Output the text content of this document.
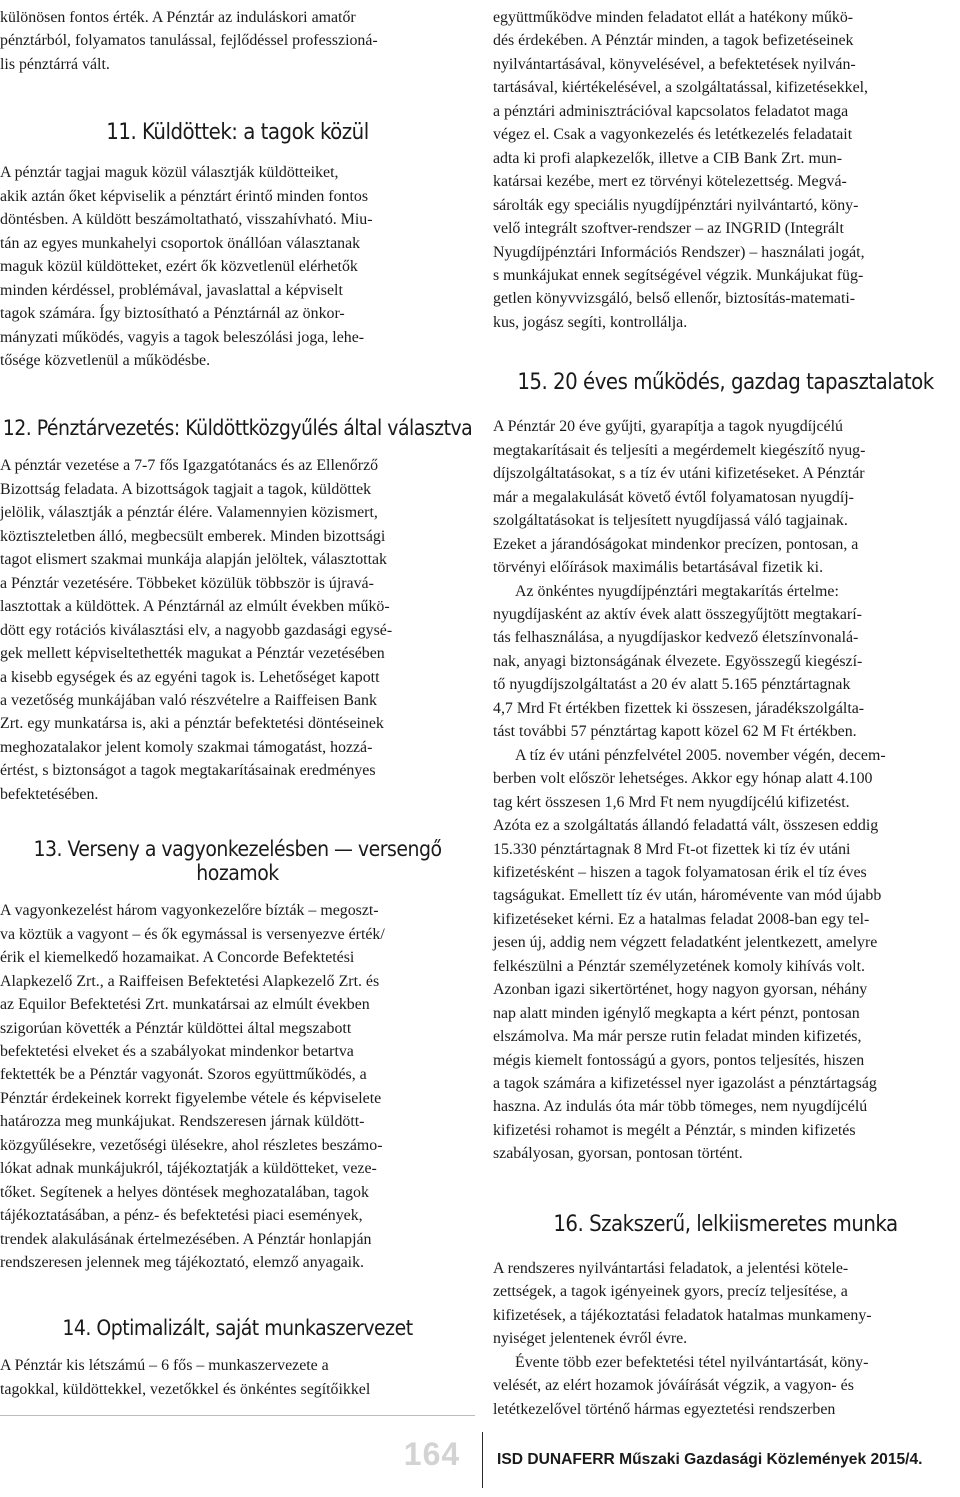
különösen fontos érték. A Pénztár az induláskori amatőr
pénztárból, folyamatos tanulással, fejlődéssel professzioná-
lis pénztárrá vált.

11. Küldöttek: a tagok közül

A pénztár tagjai maguk közül választják küldötteiket,
akik aztán őket képviselik a pénztárt érintő minden fontos
döntésben. A küldött beszámoltatható, visszahívható. Miu-
tán az egyes munkahelyi csoportok önállóan választanak
maguk közül küldötteket, ezért ők közvetlenül elérhetők
minden kérdéssel, problémával, javaslattal a képviselt
tagok számára. Így biztosítható a Pénztárnál az önkor-
mányzati működés, vagyis a tagok beleszólási joga, lehe-
tősége közvetlenül a működésbe.

12. Pénztárvezetés: Küldöttközgyűlés által választva

A pénztár vezetése a 7-7 fős Igazgatótanács és az Ellenőrző
Bizottság feladata. A bizottságok tagjait a tagok, küldöttek
jelölik, választják a pénztár élére. Valamennyien közismert,
köztiszteletben álló, megbecsült emberek. Minden bizottsági
tagot elismert szakmai munkája alapján jelöltek, választottak
a Pénztár vezetésére. Többeket közülük többször is újravá-
lasztottak a küldöttek. A Pénztárnál az elmúlt években műkö-
dött egy rotációs kiválasztási elv, a nagyobb gazdasági egysé-
gek mellett képviseltethették magukat a Pénztár vezetésében
a kisebb egységek és az egyéni tagok is. Lehetőséget kapott
a vezetőség munkájában való részvételre a Raiffeisen Bank
Zrt. egy munkatársa is, aki a pénztár befektetési döntéseinek
meghozatalakor jelent komoly szakmai támogatást, hozzá-
értést, s biztonságot a tagok megtakarításainak eredményes
befektetésében.

13. Verseny a vagyonkezelésben — versengő hozamok

A vagyonkezelést három vagyonkezelőre bízták – megoszt-
va köztük a vagyont – és ők egymással is versenyezve érték/
érik el kiemelkedő hozamaikat. A Concorde Befektetési
Alapkezelő Zrt., a Raiffeisen Befektetési Alapkezelő Zrt. és
az Equilor Befektetési Zrt. munkatársai az elmúlt években
szigorúan követték a Pénztár küldöttei által megszabott
befektetési elveket és a szabályokat mindenkor betartva
fektették be a Pénztár vagyonát. Szoros együttműködés, a
Pénztár érdekeinek korrekt figyelembe vétele és képviselete
határozza meg munkájukat. Rendszeresen járnak küldött-
közgyűlésekre, vezetőségi ülésekre, ahol részletes beszámo-
lókat adnak munkájukról, tájékoztatják a küldötteket, veze-
tőket. Segítenek a helyes döntések meghozatalában, tagok
tájékoztatásában, a pénz- és befektetési piaci események,
trendek alakulásának értelmezésében. A Pénztár honlapján
rendszeresen jelennek meg tájékoztató, elemző anyagaik.

14. Optimalizált, saját munkaszervezet

A Pénztár kis létszámú – 6 fős – munkaszervezete a
tagokkal, küldöttekkel, vezetőkkel és önkéntes segítőikkel

együttműködve minden feladatot ellát a hatékony műkö-
dés érdekében. A Pénztár minden, a tagok befizetéseinek
nyilvántartásával, könyvelésével, a befektetések nyilván-
tartásával, kiértékelésével, a szolgáltatással, kifizetésekkel,
a pénztári adminisztrációval kapcsolatos feladatot maga
végez el. Csak a vagyonkezelés és letétkezelés feladatait
adta ki profi alapkezelők, illetve a CIB Bank Zrt. mun-
katársai kezébe, mert ez törvényi kötelezettség. Megvá-
sárolták egy speciális nyugdíjpénztári nyilvántartó, köny-
velő integrált szoftver-rendszer – az INGRID (Integrált
Nyugdíjpénztári Információs Rendszer) – használati jogát,
s munkájukat ennek segítségével végzik. Munkájukat füg-
getlen könyvvizsgáló, belső ellenőr, biztosítás-matemati-
kus, jogász segíti, kontrollálja.

15. 20 éves működés, gazdag tapasztalatok

A Pénztár 20 éve gyűjti, gyarapítja a tagok nyugdíjcélú
megtakarításait és teljesíti a megérdemelt kiegészítő nyug-
díjszolgáltatásokat, s a tíz év utáni kifizetéseket. A Pénztár
már a megalakulását követő évtől folyamatosan nyugdíj-
szolgáltatásokat is teljesített nyugdíjassá váló tagjainak.
Ezeket a járandóságokat mindenkor precízen, pontosan, a
törvényi előírások maximális betartásával fizetik ki.

Az önkéntes nyugdíjpénztári megtakarítás értelme:
nyugdíjasként az aktív évek alatt összegyűjtött megtakarí-
tás felhasználása, a nyugdíjaskor kedvező életszínvonalá-
nak, anyagi biztonságának élvezete. Egyösszegű kiegészí-
tő nyugdíjszolgáltatást a 20 év alatt 5.165 pénztártagnak
4,7 Mrd Ft értékben fizettek ki összesen, járadékszolgálta-
tást további 57 pénztártag kapott közel 62 M Ft értékben.

A tíz év utáni pénzfelvétel 2005. november végén, decem-
berben volt először lehetséges. Akkor egy hónap alatt 4.100
tag kért összesen 1,6 Mrd Ft nem nyugdíjcélú kifizetést.
Azóta ez a szolgáltatás állandó feladattá vált, összesen eddig
15.330 pénztártagnak 8 Mrd Ft-ot fizettek ki tíz év utáni
kifizetésként – hiszen a tagok folyamatosan érik el tíz éves
tagságukat. Emellett tíz év után, háromévente van mód újabb
kifizetéseket kérni. Ez a hatalmas feladat 2008-ban egy tel-
jesen új, addig nem végzett feladatként jelentkezett, amelyre
felkészülni a Pénztár személyzetének komoly kihívás volt.
Azonban igazi sikertörténet, hogy nagyon gyorsan, néhány
nap alatt minden igénylő megkapta a kért pénzt, pontosan
elszámolva. Ma már persze rutin feladat minden kifizetés,
mégis kiemelt fontosságú a gyors, pontos teljesítés, hiszen
a tagok számára a kifizetéssel nyer igazolást a pénztártagság
haszna. Az indulás óta már több tömeges, nem nyugdíjcélú
kifizetési rohamot is megélt a Pénztár, s minden kifizetés
szabályosan, gyorsan, pontosan történt.

16. Szakszerű, lelkiismeretes munka

A rendszeres nyilvántartási feladatok, a jelentési kötele-
zettségek, a tagok igényeinek gyors, precíz teljesítése, a
kifizetések, a tájékoztatási feladatok hatalmas munkameny-
nyiséget jelentenek évről évre.

Évente több ezer befektetési tétel nyilvántartását, köny-
velését, az elért hozamok jóváírását végzik, a vagyon- és
letétkezelővel történő hármas egyeztetési rendszerben

164	ISD DUNAFERR Műszaki Gazdasági Közlemények 2015/4.
